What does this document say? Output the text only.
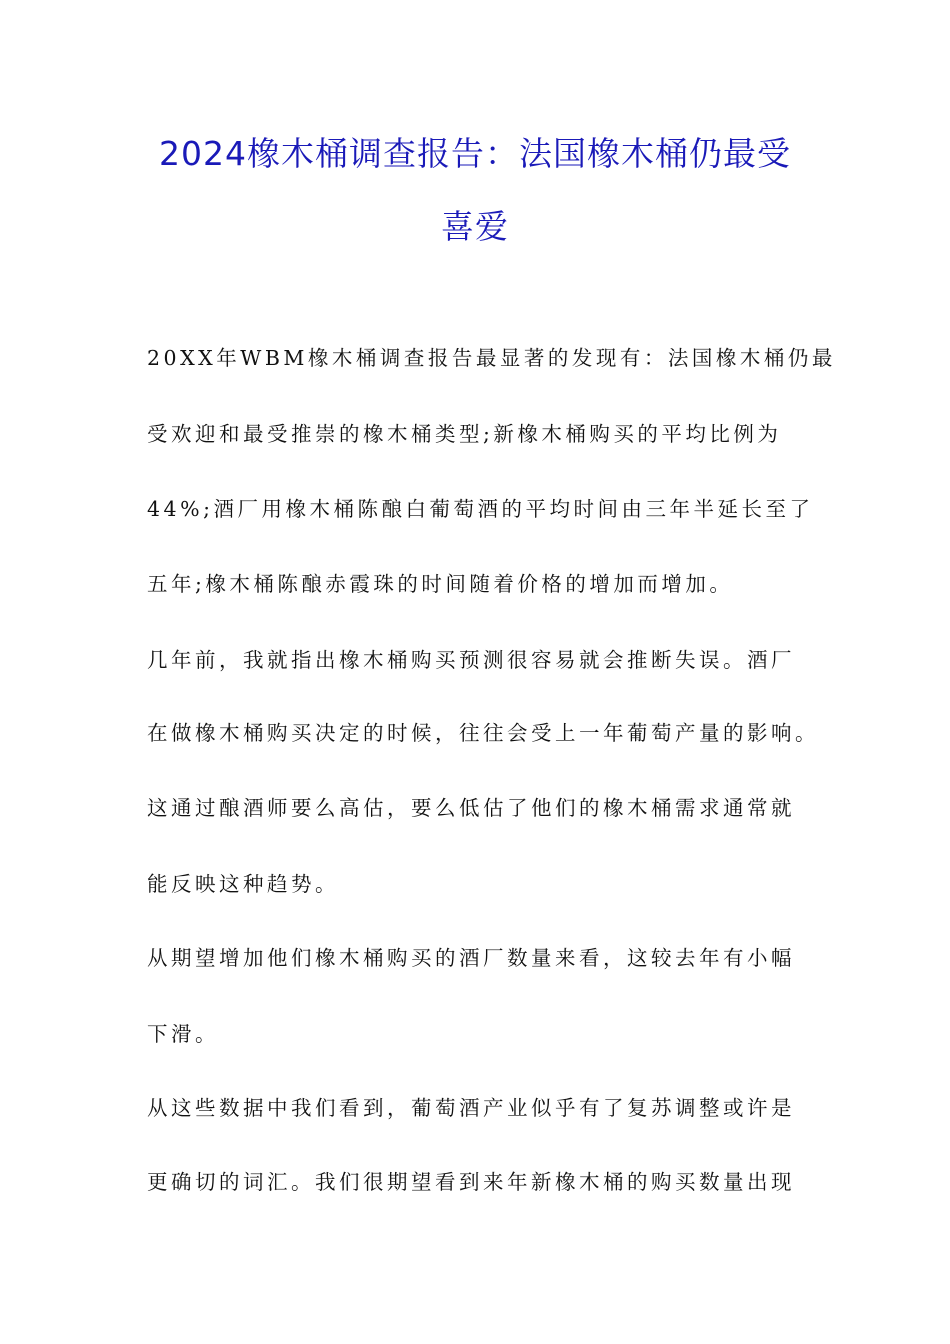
2024橡木桶调查报告：法国橡木桶仍最受
喜爱
20XX年WBM橡木桶调查报告最显著的发现有：法国橡木桶仍最
受欢迎和最受推崇的橡木桶类型;新橡木桶购买的平均比例为
44%;酒厂用橡木桶陈酿白葡萄酒的平均时间由三年半延长至了
五年;橡木桶陈酿赤霞珠的时间随着价格的增加而增加。
几年前，我就指出橡木桶购买预测很容易就会推断失误。酒厂
在做橡木桶购买决定的时候，往往会受上一年葡萄产量的影响。
这通过酿酒师要么高估，要么低估了他们的橡木桶需求通常就
能反映这种趋势。
从期望增加他们橡木桶购买的酒厂数量来看，这较去年有小幅
下滑。
从这些数据中我们看到，葡萄酒产业似乎有了复苏调整或许是
更确切的词汇。我们很期望看到来年新橡木桶的购买数量出现
